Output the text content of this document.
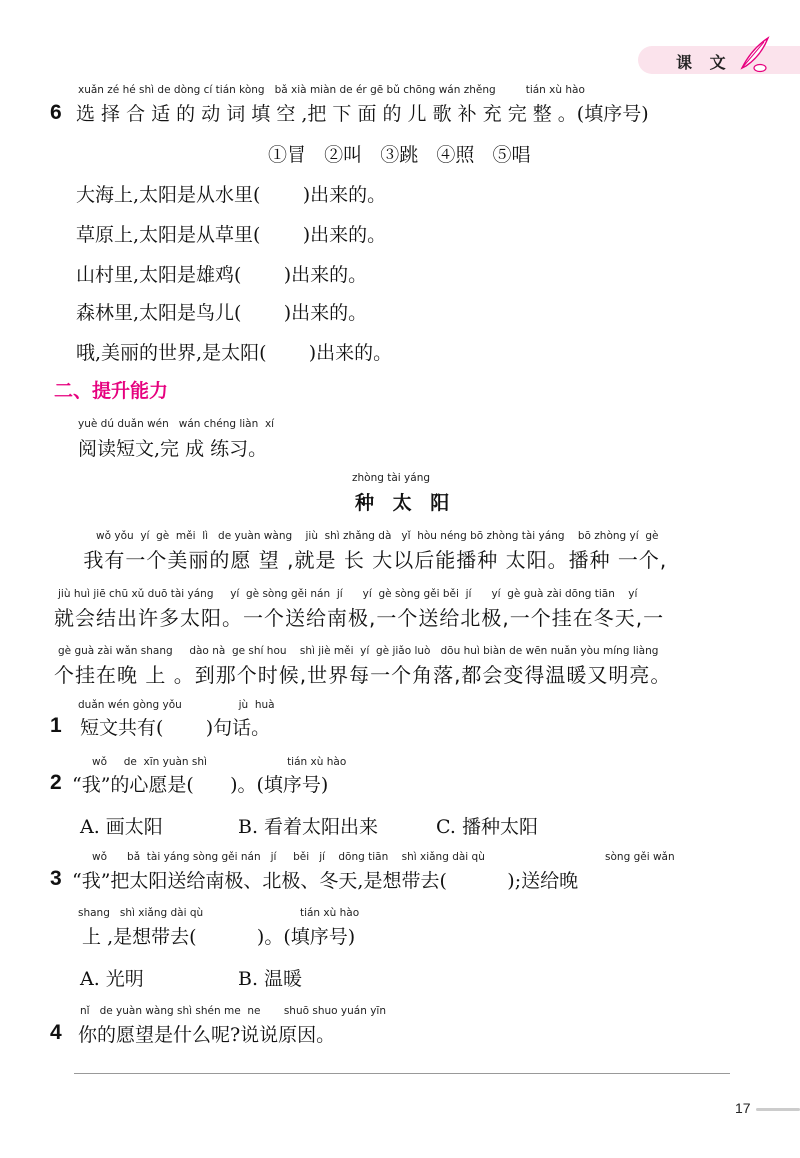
课 文
xuǎn zé hé shì de dòng cí tián kòng   bǎ xià miàn de ér gē bǔ chōng wán zhěng         tián xù hào
6 选 择 合 适 的 动 词 填 空 ,把 下 面 的 儿 歌 补 充 完 整 。(填序号)
①冒   ②叫   ③跳   ④照   ⑤唱
大海上,太阳是从水里(       )出来的。
草原上,太阳是从草里(       )出来的。
山村里,太阳是雄鸡(       )出来的。
森林里,太阳是鸟儿(       )出来的。
哦,美丽的世界,是太阳(       )出来的。
二、提升能力
yuè dú duǎn wén   wán chéng liàn  xí
阅读短文,完 成 练习。
zhòng tài yáng
种 太 阳
wǒ yǒu  yí  gè  měi  lì   de yuàn wàng    jiù  shì zhǎng dà   yǐ  hòu néng bō zhòng tài yáng    bō zhòng yí  gè
我有一个美丽的愿 望 ,就是 长 大以后能播种 太阳。播种 一个,
jiù huì jiē chū xǔ duō tài yáng     yí  gè sòng gěi nán  jí      yí  gè sòng gěi běi  jí      yí  gè guà zài dōng tiān    yí
就会结出许多太阳。一个送给南极,一个送给北极,一个挂在冬天,一
gè guà zài wǎn shang     dào nà  ge shí hou    shì jiè měi  yí  gè jiǎo luò   dōu huì biàn de wēn nuǎn yòu míng liàng
个挂在晚 上 。到那个时候,世界每一个角落,都会变得温暖又明亮。
duǎn wén gòng yǒu                 jù  huà
1 短文共有(       )句话。
wǒ     de  xīn yuàn shì                        tián xù hào
2 “我”的心愿是(      )。(填序号)
A. 画太阳	B. 看着太阳出来	C. 播种太阳
wǒ      bǎ  tài yáng sòng gěi nán   jí     běi   jí    dōng tiān    shì xiǎng dài qù                                    sòng gěi wǎn
3 “我”把太阳送给南极、北极、冬天,是想带去(          );送给晚
shang   shì xiǎng dài qù                             tián xù hào
上 ,是想带去(          )。(填序号)
A. 光明	B. 温暖
nǐ   de yuàn wàng shì shén me  ne       shuō shuo yuán yīn
4 你的愿望是什么呢?说说原因。
17
